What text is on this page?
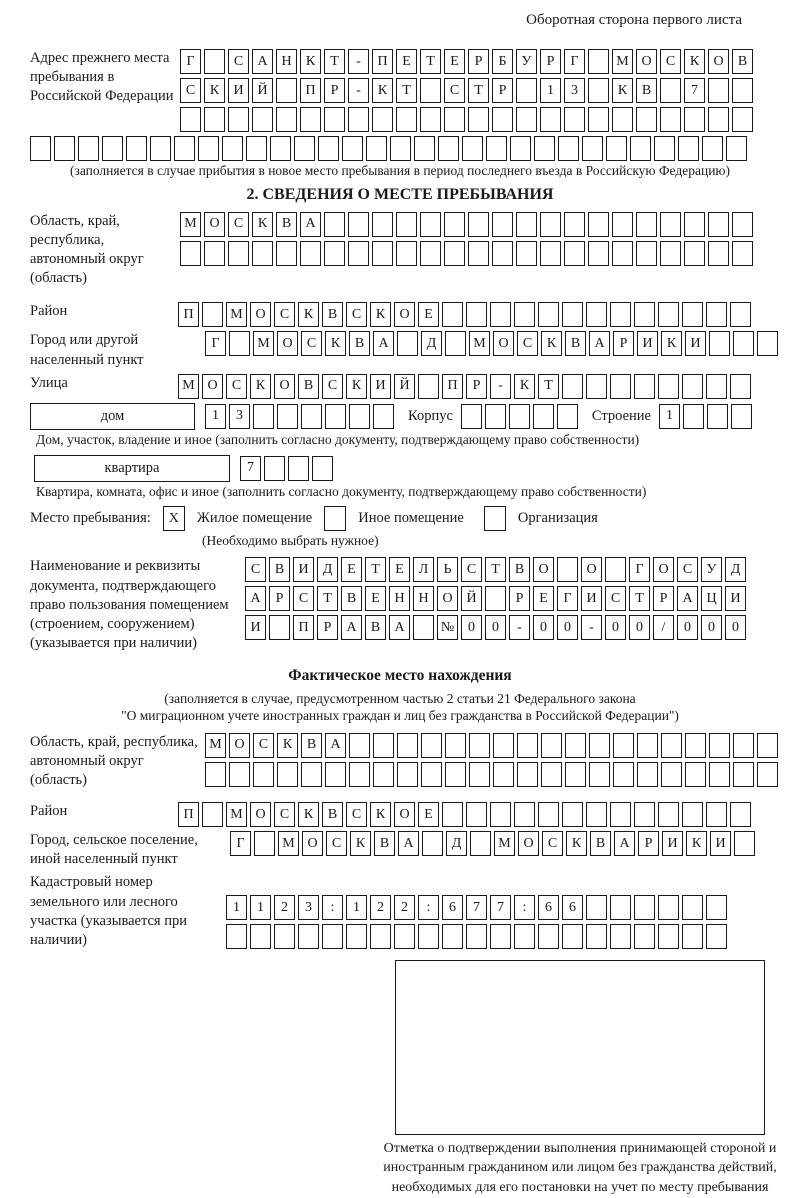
Оборотная сторона первого листа
Адрес прежнего места пребывания в Российской Федерации
Г	С	А Н	К	Т	-	П	Е	Т	Е	Р	Б	У	Р	Г	М О	С	К	О	В
С	К	И Й	П	Р	-	К	Т	С	Т	Р	1	3	К	В	7
(заполняется в случае прибытия в новое место пребывания в период последнего въезда в Российскую Федерацию)
2. СВЕДЕНИЯ О МЕСТЕ ПРЕБЫВАНИЯ
Область, край, республика, автономный округ (область)
М О	С	К	В	А
Район	П	М О	С	К	В	С	К	О	Е
Город или другой населенный пункт
Г	М О	С	К	В	А	Д	М О	С	К	В	А	Р	И	К	И
Улица	М О	С	К	О	В	С	К	И Й	П	Р	-	К	Т
дом	1	3	Корпус	Строение	1
Дом, участок, владение и иное (заполнить согласно документу, подтверждающему право собственности)
квартира	7
Квартира, комната, офис и иное (заполнить согласно документу, подтверждающему право собственности)
Место пребывания:	X	Жилое помещение	Иное помещение	Организация
(Необходимо выбрать нужное)
Наименование и реквизиты документа, подтверждающего право пользования помещением (строением, сооружением) (указывается при наличии)
С	В	И	Д	Е	Т	Е	Л	Ь	С	Т	В	О	О	Г	О	С	У	Д
А	Р	С	Т	В	Е	Н Н О Й	Р	Е	Г	И	С	Т	Р	А Ц И
И	П	Р	А	В	А	№ 0	0	-	0	0	-	0	0	/	0	0	0
Фактическое место нахождения
(заполняется в случае, предусмотренном частью 2 статьи 21 Федерального закона
"О миграционном учете иностранных граждан и лиц без гражданства в Российской Федерации")
Область, край, республика, автономный округ (область)
М О	С	К	В	А
Район	П	М О	С	К	В	С	К	О	Е
Город, сельское поселение, иной населенный пункт
Г	М О	С	К	В	А	Д	М О	С	К	В	А	Р	И	К	И
Кадастровый номер земельного или лесного участка (указывается при наличии)
1	1	2	3	:	1	2	2	:	6	7	7	:	6	6
Отметка о подтверждении выполнения принимающей стороной и иностранным гражданином или лицом без гражданства действий, необходимых для его постановки на учет по месту пребывания
